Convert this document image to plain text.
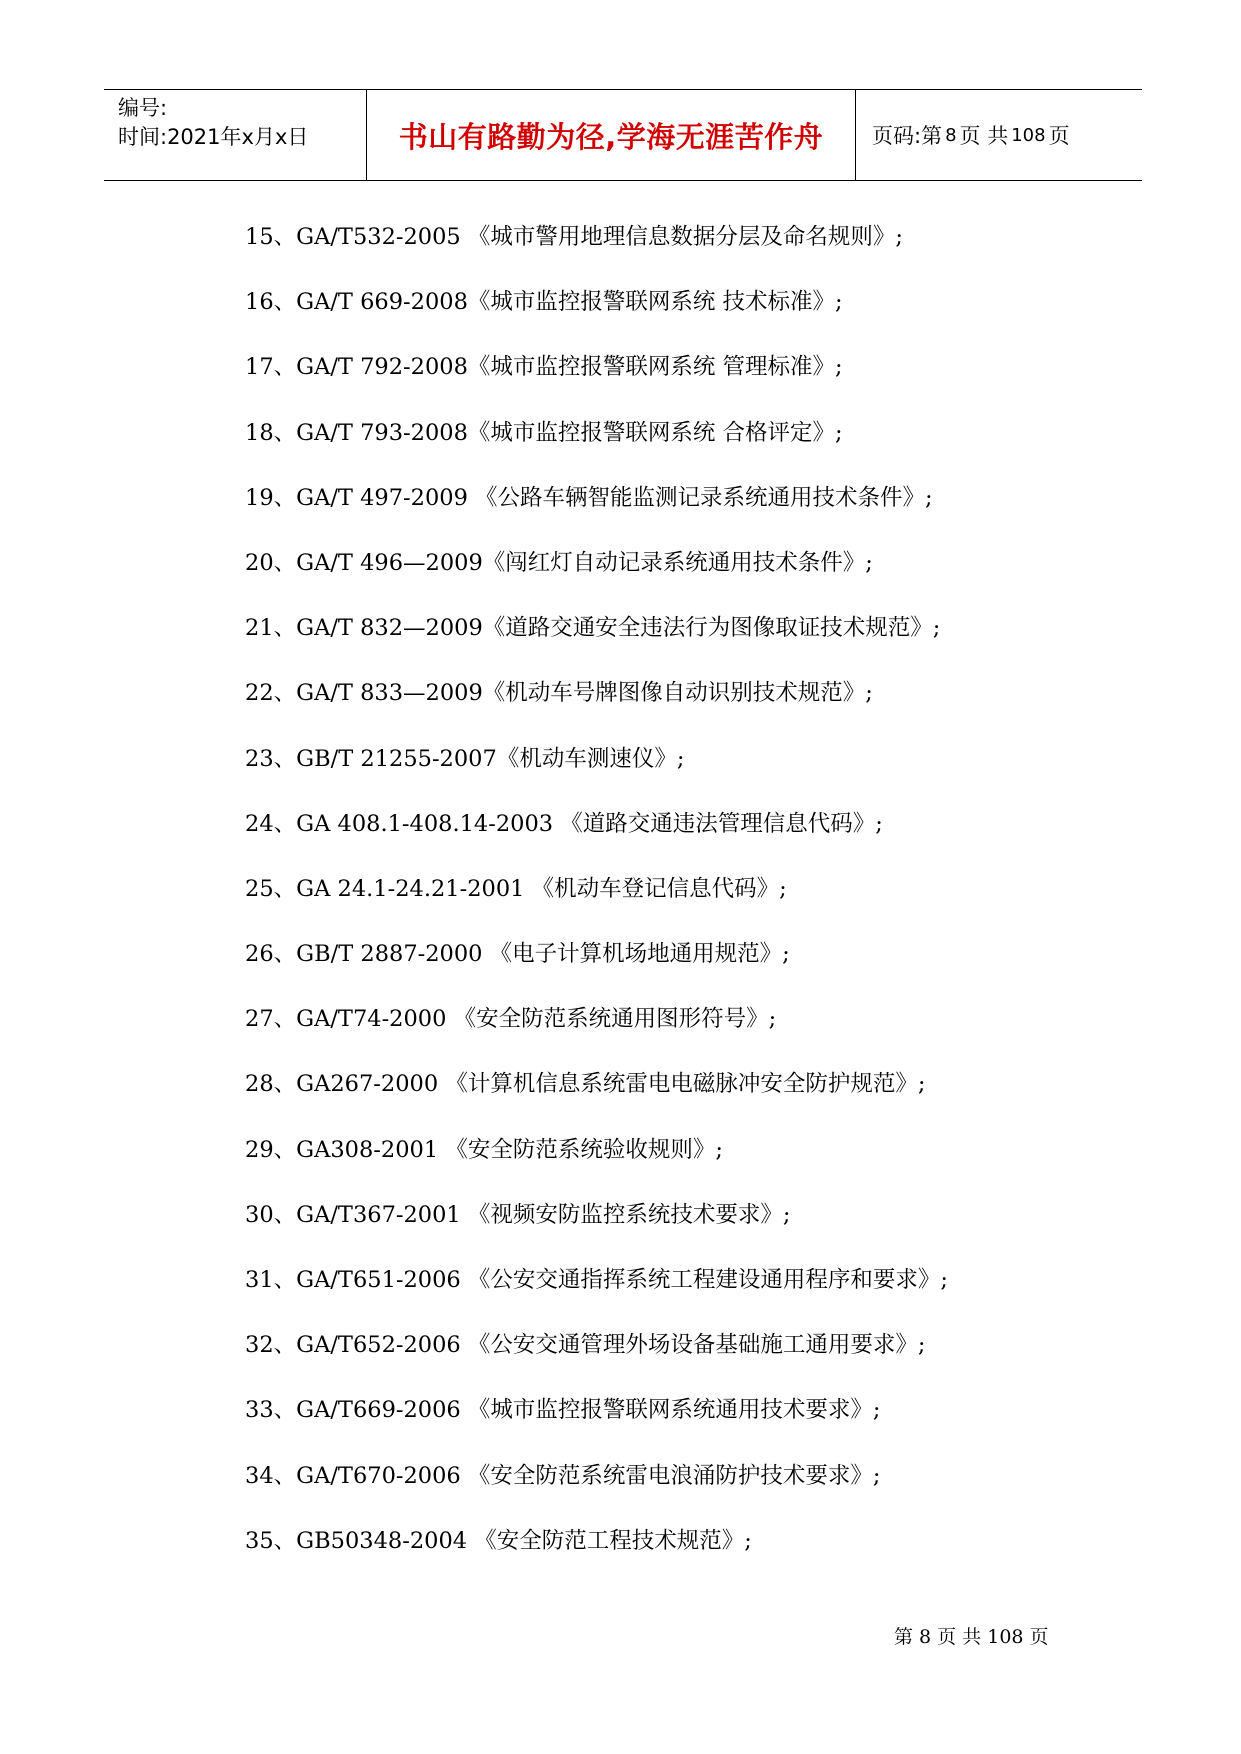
编号:
时间:2021年x月x日	书山有路勤为径,学海无涯苦作舟	页码:第 8 页 共 108 页
15、GA/T532-2005 《城市警用地理信息数据分层及命名规则》;
16、GA/T 669-2008《城市监控报警联网系统 技术标准》;
17、GA/T 792-2008《城市监控报警联网系统 管理标准》;
18、GA/T 793-2008《城市监控报警联网系统 合格评定》;
19、GA/T 497-2009 《公路车辆智能监测记录系统通用技术条件》;
20、GA/T 496—2009《闯红灯自动记录系统通用技术条件》;
21、GA/T 832—2009《道路交通安全违法行为图像取证技术规范》;
22、GA/T 833—2009《机动车号牌图像自动识别技术规范》;
23、GB/T 21255-2007《机动车测速仪》;
24、GA 408.1-408.14-2003 《道路交通违法管理信息代码》;
25、GA 24.1-24.21-2001 《机动车登记信息代码》;
26、GB/T 2887-2000 《电子计算机场地通用规范》;
27、GA/T74-2000 《安全防范系统通用图形符号》;
28、GA267-2000 《计算机信息系统雷电电磁脉冲安全防护规范》;
29、GA308-2001 《安全防范系统验收规则》;
30、GA/T367-2001 《视频安防监控系统技术要求》;
31、GA/T651-2006 《公安交通指挥系统工程建设通用程序和要求》;
32、GA/T652-2006 《公安交通管理外场设备基础施工通用要求》;
33、GA/T669-2006 《城市监控报警联网系统通用技术要求》;
34、GA/T670-2006 《安全防范系统雷电浪涌防护技术要求》;
35、GB50348-2004 《安全防范工程技术规范》;
第 8 页 共 108 页
